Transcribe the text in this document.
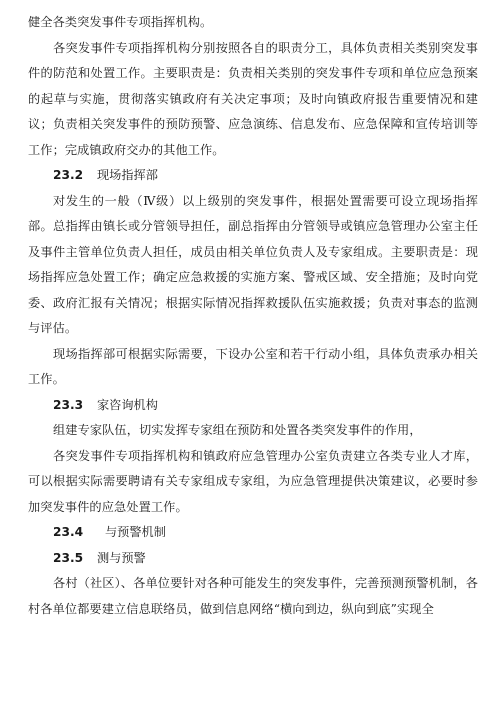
健全各类突发事件专项指挥机构。

各突发事件专项指挥机构分别按照各自的职责分工，具体负责相关类别突发事件的防范和处置工作。主要职责是：负责相关类别的突发事件专项和单位应急预案的起草与实施，贯彻落实镇政府有关决定事项；及时向镇政府报告重要情况和建议；负责相关突发事件的预防预警、应急演练、信息发布、应急保障和宣传培训等工作；完成镇政府交办的其他工作。

23.2 现场指挥部

对发生的一般（Ⅳ级）以上级别的突发事件，根据处置需要可设立现场指挥部。总指挥由镇长或分管领导担任，副总指挥由分管领导或镇应急管理办公室主任及事件主管单位负责人担任，成员由相关单位负责人及专家组成。主要职责是：现场指挥应急处置工作；确定应急救援的实施方案、警戒区域、安全措施；及时向党委、政府汇报有关情况；根据实际情况指挥救援队伍实施救援；负责对事态的监测与评估。

现场指挥部可根据实际需要，下设办公室和若干行动小组，具体负责承办相关工作。

23.3 家咨询机构

组建专家队伍，切实发挥专家组在预防和处置各类突发事件的作用，

各突发事件专项指挥机构和镇政府应急管理办公室负责建立各类专业人才库，可以根据实际需要聘请有关专家组成专家组，为应急管理提供决策建议，必要时参加突发事件的应急处置工作。

23.4 与预警机制
23.5 测与预警

各村（社区）、各单位要针对各种可能发生的突发事件，完善预测预警机制，各村各单位都要建立信息联络员，做到信息网络“横向到边，纵向到底”实现全
